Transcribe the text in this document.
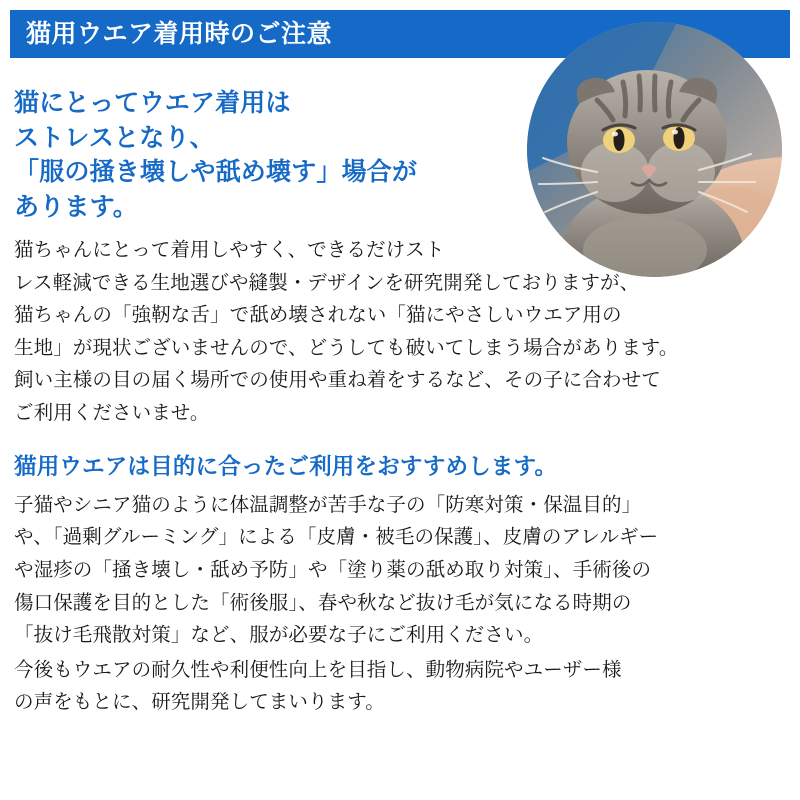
猫用ウエア着用時のご注意
猫にとってウエア着用は
ストレスとなり、
「服の掻き壊しや舐め壊す」場合が
あります。

猫ちゃんにとって着用しやすく、できるだけスト
レス軽減できる生地選びや縫製・デザインを研究開発しておりますが、
猫ちゃんの「強靭な舌」で舐め壊されない「猫にやさしいウエア用の
生地」が現状ございませんので、どうしても破いてしまう場合があります。
飼い主様の目の届く場所での使用や重ね着をするなど、その子に合わせて
ご利用くださいませ。

猫用ウエアは目的に合ったご利用をおすすめします。

子猫やシニア猫のように体温調整が苦手な子の「防寒対策・保温目的」
や、「過剰グルーミング」による「皮膚・被毛の保護」、皮膚のアレルギー
や湿疹の「掻き壊し・舐め予防」や「塗り薬の舐め取り対策」、手術後の
傷口保護を目的とした「術後服」、春や秋など抜け毛が気になる時期の
「抜け毛飛散対策」など、服が必要な子にご利用ください。

今後もウエアの耐久性や利便性向上を目指し、動物病院やユーザー様
の声をもとに、研究開発してまいります。
